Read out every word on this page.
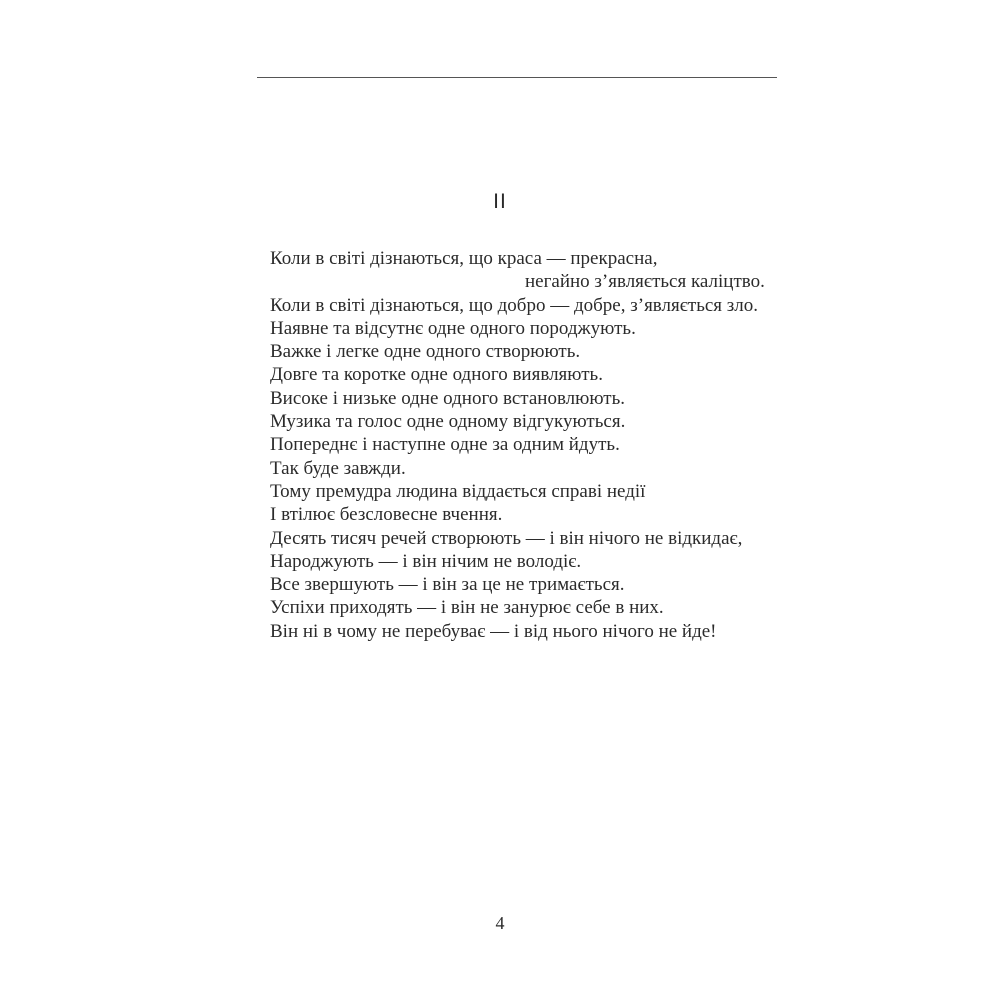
II
Коли в світі дізнаються, що краса — прекрасна,
негайно з’являється каліцтво.
Коли в світі дізнаються, що добро — добре, з’являється зло.
Наявне та відсутнє одне одного породжують.
Важке і легке одне одного створюють.
Довге та коротке одне одного виявляють.
Високе і низьке одне одного встановлюють.
Музика та голос одне одному відгукуються.
Попереднє і наступне одне за одним йдуть.
Так буде завжди.
Тому премудра людина віддається справі недії
І втілює безсловесне вчення.
Десять тисяч речей створюють — і він нічого не відкидає,
Народжують — і він нічим не володіє.
Все звершують — і він за це не тримається.
Успіхи приходять — і він не занурює себе в них.
Він ні в чому не перебуває — і від нього нічого не йде!
4
